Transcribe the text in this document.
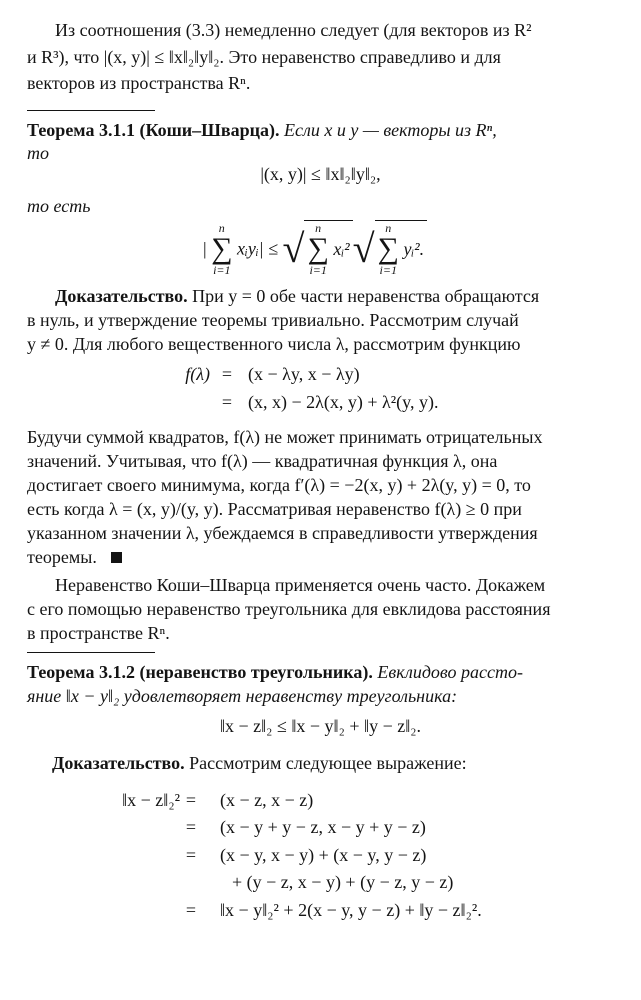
Из соотношения (3.3) немедленно следует (для векторов из R²
и R³), что |(x, y)| ≤ ‖x‖₂‖y‖₂. Это неравенство справедливо и для
векторов из пространства Rⁿ.
Теорема 3.1.1 (Коши–Шварца). Если x и y — векторы из Rⁿ,
то
|(x, y)| ≤ ‖x‖₂‖y‖₂,
то есть
|
n
∑
i=1
xᵢyᵢ| ≤ √ n
∑
i=1
xᵢ²√ n
∑
i=1
yᵢ².
Доказательство. При y = 0 обе части неравенства обращаются
в нуль, и утверждение теоремы тривиально. Рассмотрим случай
y ≠ 0. Для любого вещественного числа λ, рассмотрим функцию
f(λ) = (x − λy, x − λy)
= (x, x) − 2λ(x, y) + λ²(y, y).
Будучи суммой квадратов, f(λ) не может принимать отрицательных
значений. Учитывая, что f(λ) — квадратичная функция λ, она
достигает своего минимума, когда f′(λ) = −2(x, y) + 2λ(y, y) = 0, то
есть когда λ = (x, y)/(y, y). Рассматривая неравенство f(λ) ≥ 0 при
указанном значении λ, убеждаемся в справедливости утверждения
теоремы.
Неравенство Коши–Шварца применяется очень часто. Докажем
с его помощью неравенство треугольника для евклидова расстояния
в пространстве Rⁿ.
Теорема 3.1.2 (неравенство треугольника). Евклидово рассто-
яние ‖x − y‖₂ удовлетворяет неравенству треугольника:
‖x − z‖₂ ≤ ‖x − y‖₂ + ‖y − z‖₂.
Доказательство. Рассмотрим следующее выражение:
‖x − z‖₂² =	(x − z, x − z)
=	(x − y + y − z, x − y + y − z)
=	(x − y, x − y) + (x − y, y − z)
+ (y − z, x − y) + (y − z, y − z)
=	‖x − y‖₂² + 2(x − y, y − z) + ‖y − z‖₂².
